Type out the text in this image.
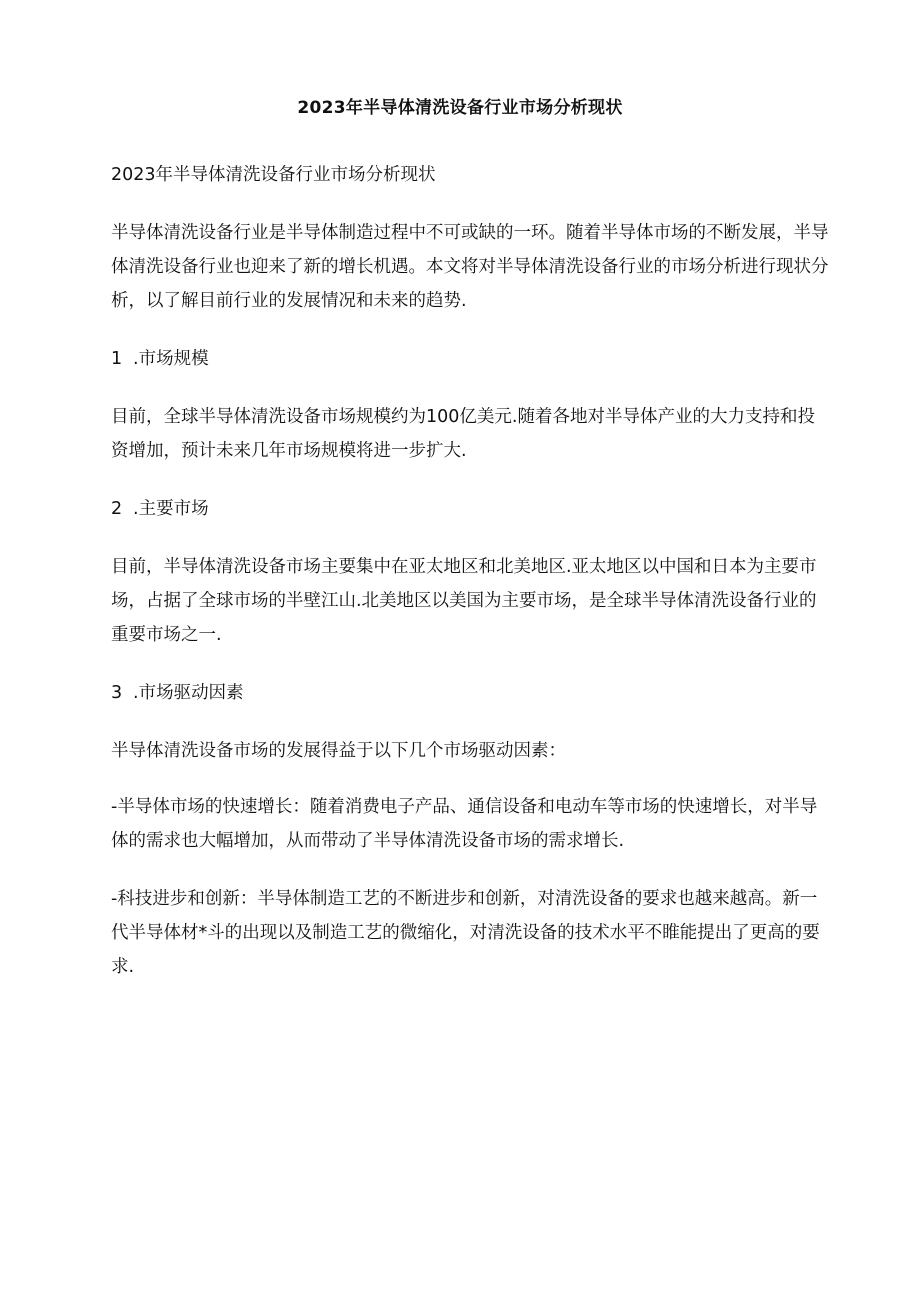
2023年半导体清洗设备行业市场分析现状

2023年半导体清洗设备行业市场分析现状

半导体清洗设备行业是半导体制造过程中不可或缺的一环。随着半导体市场的不断发展，半导体清洗设备行业也迎来了新的增长机遇。本文将对半导体清洗设备行业的市场分析进行现状分析，以了解目前行业的发展情况和未来的趋势.

1 .市场规模

目前，全球半导体清洗设备市场规模约为100亿美元.随着各地对半导体产业的大力支持和投资增加，预计未来几年市场规模将进一步扩大.

2 .主要市场

目前，半导体清洗设备市场主要集中在亚太地区和北美地区.亚太地区以中国和日本为主要市场，占据了全球市场的半壁江山.北美地区以美国为主要市场，是全球半导体清洗设备行业的重要市场之一.

3 .市场驱动因素

半导体清洗设备市场的发展得益于以下几个市场驱动因素：

-半导体市场的快速增长：随着消费电子产品、通信设备和电动车等市场的快速增长，对半导体的需求也大幅增加，从而带动了半导体清洗设备市场的需求增长.

-科技进步和创新：半导体制造工艺的不断进步和创新，对清洗设备的要求也越来越高。新一代半导体材*斗的出现以及制造工艺的微缩化，对清洗设备的技术水平不睢能提出了更高的要求.
